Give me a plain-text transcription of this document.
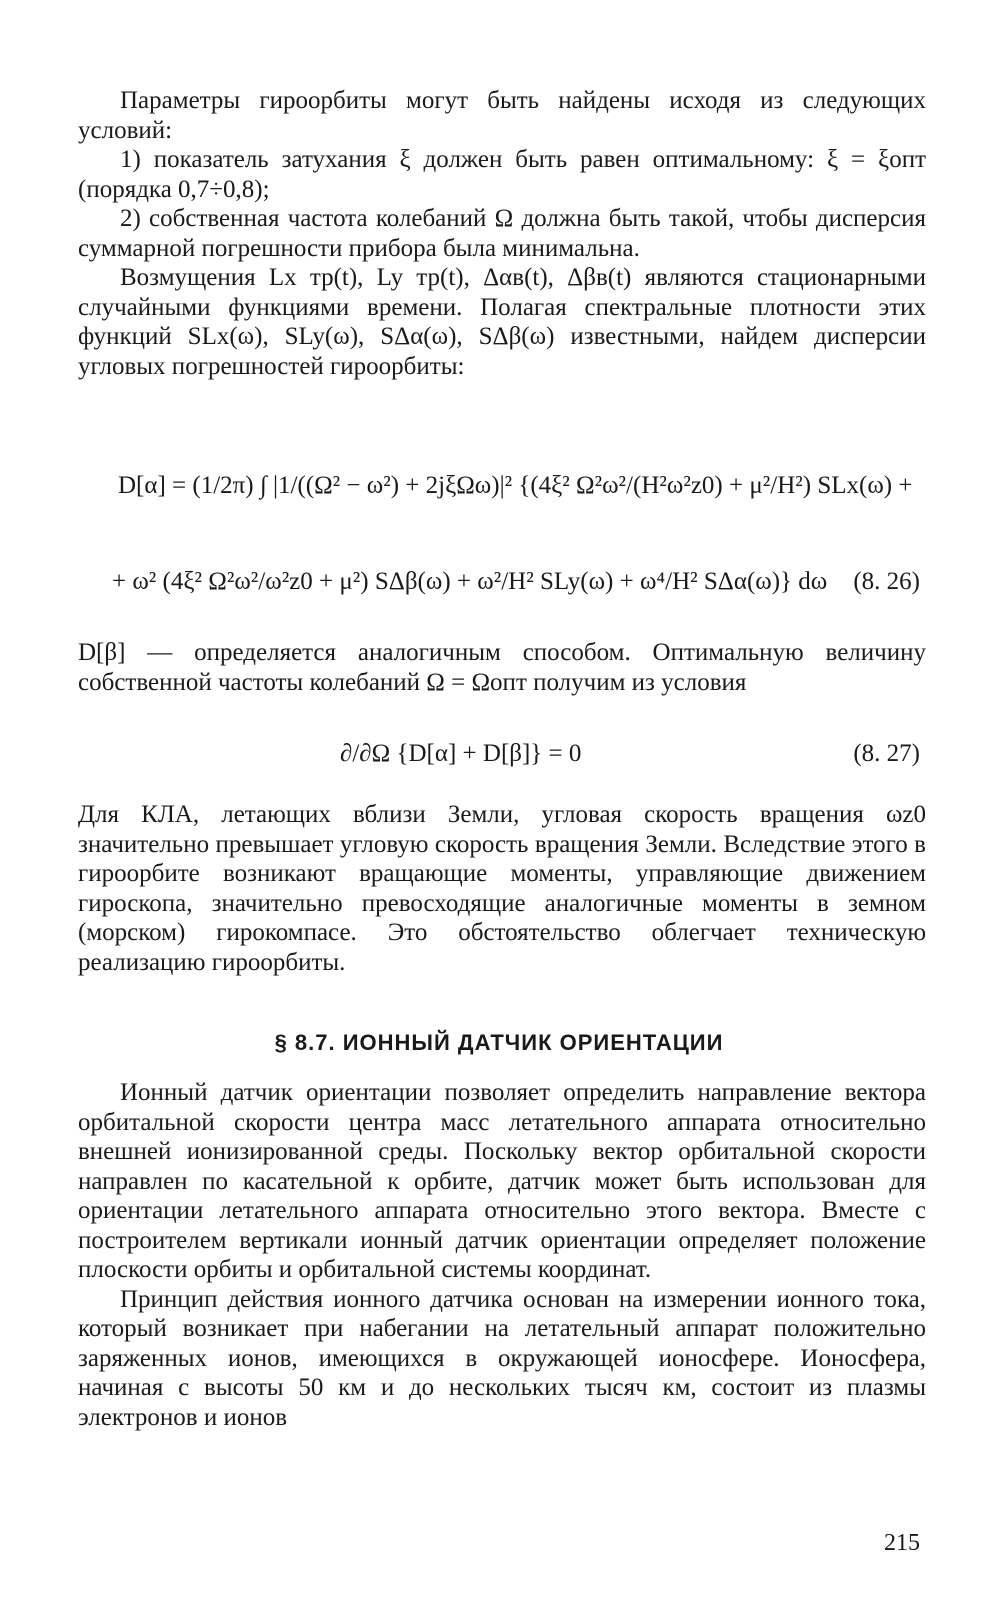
Параметры гироорбиты могут быть найдены исходя из следующих условий:

1) показатель затухания ξ должен быть равен оптимальному: ξ = ξопт (порядка 0,7÷0,8);

2) собственная частота колебаний Ω должна быть такой, чтобы дисперсия суммарной погрешности прибора была минимальна.

Возмущения Lx тр(t), Ly тр(t), Δαв(t), Δβв(t) являются стационарными случайными функциями времени. Полагая спектральные плотности этих функций SLx(ω), SLy(ω), SΔα(ω), SΔβ(ω) известными, найдем дисперсии угловых погрешностей гироорбиты:

D[α] = (1/2π) ∫ |1/((Ω² − ω²) + 2jξΩω)|² {(4ξ² Ω²ω²/(H²ω²z0) + μ²/H²) SLx(ω) +
+ ω² (4ξ² Ω²ω²/ω²z0 + μ²) SΔβ(ω) + ω²/H² SLy(ω) + ω⁴/H² SΔα(ω)} dω (8. 26)

D[β] — определяется аналогичным способом. Оптимальную величину собственной частоты колебаний Ω = Ωопт получим из условия

∂/∂Ω {D[α] + D[β]} = 0	(8. 27)

Для КЛА, летающих вблизи Земли, угловая скорость вращения ωz0 значительно превышает угловую скорость вращения Земли. Вследствие этого в гироорбите возникают вращающие моменты, управляющие движением гироскопа, значительно превосходящие аналогичные моменты в земном (морском) гирокомпасе. Это обстоятельство облегчает техническую реализацию гироорбиты.

§ 8.7. ИОННЫЙ ДАТЧИК ОРИЕНТАЦИИ

Ионный датчик ориентации позволяет определить направление вектора орбитальной скорости центра масс летательного аппарата относительно внешней ионизированной среды. Поскольку вектор орбитальной скорости направлен по касательной к орбите, датчик может быть использован для ориентации летательного аппарата относительно этого вектора. Вместе с построителем вертикали ионный датчик ориентации определяет положение плоскости орбиты и орбитальной системы координат.

Принцип действия ионного датчика основан на измерении ионного тока, который возникает при набегании на летательный аппарат положительно заряженных ионов, имеющихся в окружающей ионосфере. Ионосфера, начиная с высоты 50 км и до нескольких тысяч км, состоит из плазмы электронов и ионов

215
